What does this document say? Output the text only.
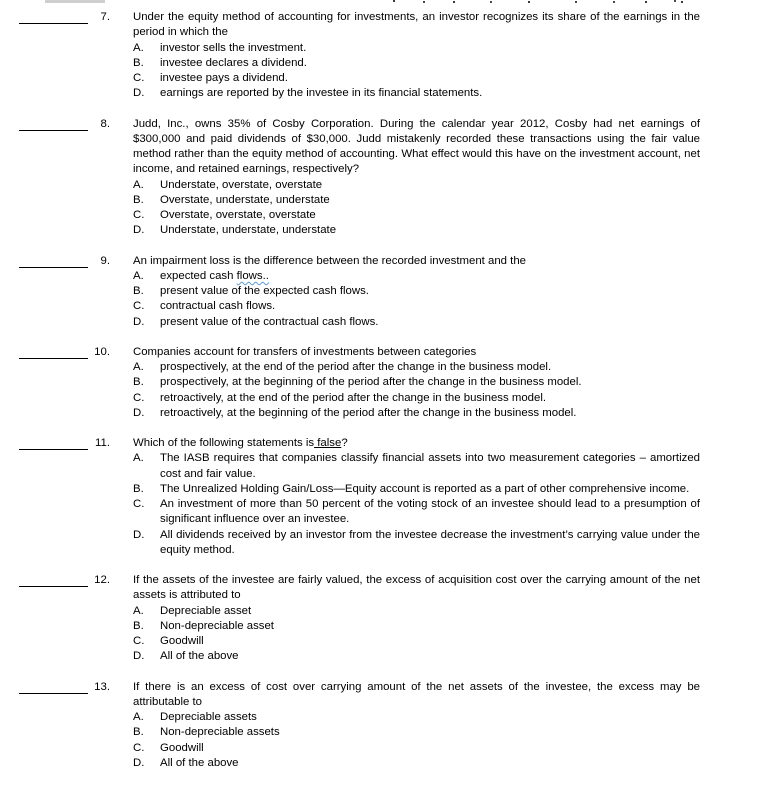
7. Under the equity method of accounting for investments, an investor recognizes its share of the earnings in the period in which the
A.	investor sells the investment.
B.	investee declares a dividend.
C.	investee pays a dividend.
D.	earnings are reported by the investee in its financial statements.
8. Judd, Inc., owns 35% of Cosby Corporation. During the calendar year 2012, Cosby had net earnings of $300,000 and paid dividends of $30,000. Judd mistakenly recorded these transactions using the fair value method rather than the equity method of accounting. What effect would this have on the investment account, net income, and retained earnings, respectively?
A.	Understate, overstate, overstate
B.	Overstate, understate, understate
C.	Overstate, overstate, overstate
D.	Understate, understate, understate
9. An impairment loss is the difference between the recorded investment and the
A.	expected cash flows..
B.	present value of the expected cash flows.
C.	contractual cash flows.
D.	present value of the contractual cash flows.
10. Companies account for transfers of investments between categories
A.	prospectively, at the end of the period after the change in the business model.
B.	prospectively, at the beginning of the period after the change in the business model.
C.	retroactively, at the end of the period after the change in the business model.
D.	retroactively, at the beginning of the period after the change in the business model.
11. Which of the following statements is false?
A.	The IASB requires that companies classify financial assets into two measurement categories – amortized cost and fair value.
B.	The Unrealized Holding Gain/Loss—Equity account is reported as a part of other comprehensive income.
C.	An investment of more than 50 percent of the voting stock of an investee should lead to a presumption of significant influence over an investee.
D.	All dividends received by an investor from the investee decrease the investment’s carrying value under the equity method.
12. If the assets of the investee are fairly valued, the excess of acquisition cost over the carrying amount of the net assets is attributed to
A.	Depreciable asset
B.	Non-depreciable asset
C.	Goodwill
D.	All of the above
13. If there is an excess of cost over carrying amount of the net assets of the investee, the excess may be attributable to
A.	Depreciable assets
B.	Non-depreciable assets
C.	Goodwill
D.	All of the above
